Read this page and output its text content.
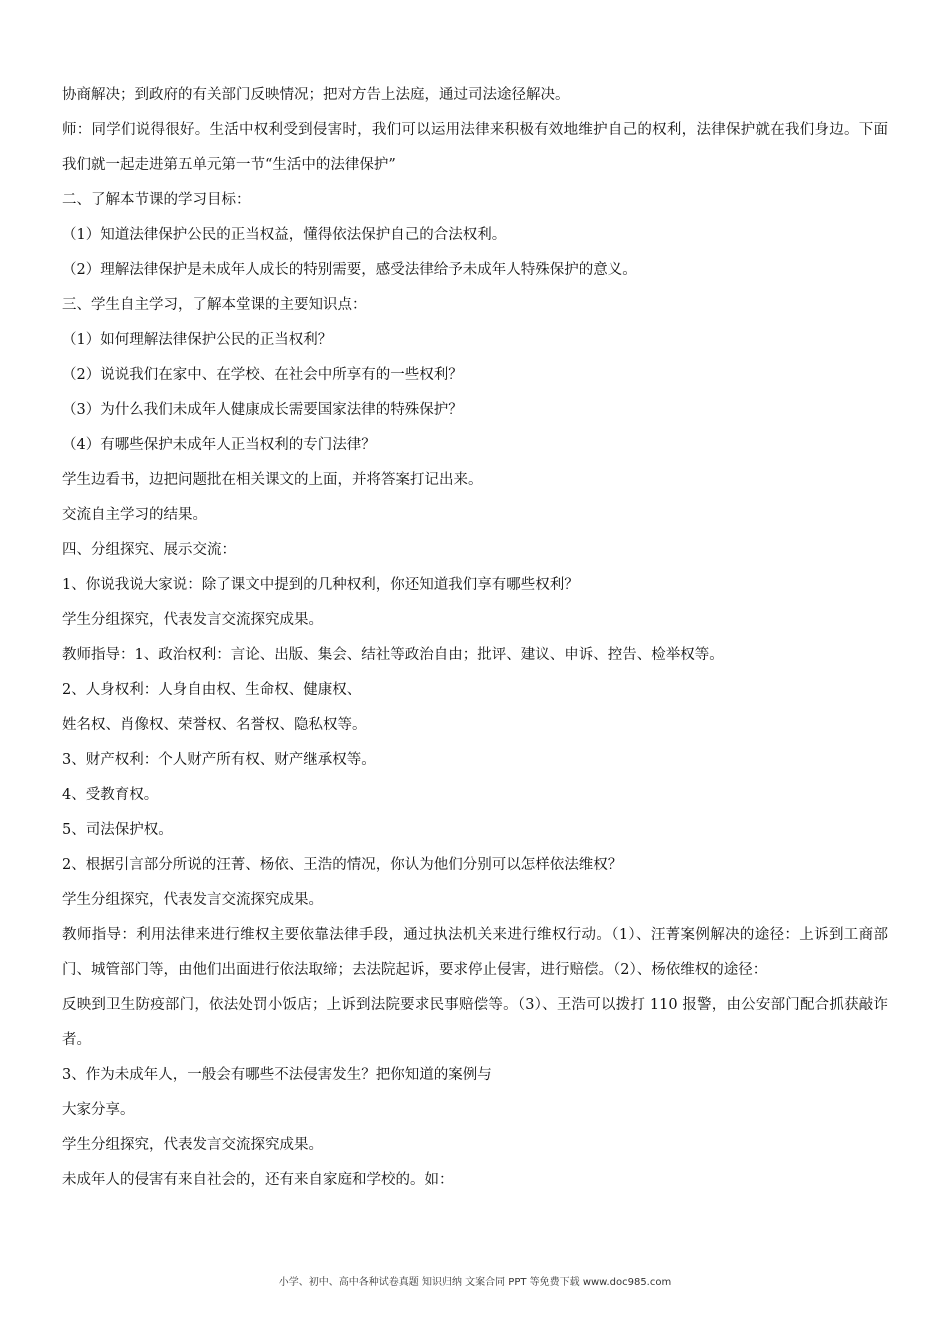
协商解决；到政府的有关部门反映情况；把对方告上法庭，通过司法途径解决。

师：同学们说得很好。生活中权利受到侵害时，我们可以运用法律来积极有效地维护自己的权利，法律保护就在我们身边。下面我们就一起走进第五单元第一节“生活中的法律保护”

二、了解本节课的学习目标：

（1）知道法律保护公民的正当权益，懂得依法保护自己的合法权利。

（2）理解法律保护是未成年人成长的特别需要，感受法律给予未成年人特殊保护的意义。

三、学生自主学习，了解本堂课的主要知识点：

（1）如何理解法律保护公民的正当权利？

（2）说说我们在家中、在学校、在社会中所享有的一些权利？

（3）为什么我们未成年人健康成长需要国家法律的特殊保护？

（4）有哪些保护未成年人正当权利的专门法律？

学生边看书，边把问题批在相关课文的上面，并将答案打记出来。

交流自主学习的结果。

四、分组探究、展示交流：

1、你说我说大家说：除了课文中提到的几种权利，你还知道我们享有哪些权利？

学生分组探究，代表发言交流探究成果。

教师指导：1、政治权利：言论、出版、集会、结社等政治自由；批评、建议、申诉、控告、检举权等。

2、人身权利：人身自由权、生命权、健康权、

姓名权、肖像权、荣誉权、名誉权、隐私权等。

3、财产权利：个人财产所有权、财产继承权等。

4、受教育权。

5、司法保护权。

2、根据引言部分所说的汪菁、杨依、王浩的情况，你认为他们分别可以怎样依法维权？

学生分组探究，代表发言交流探究成果。

教师指导：利用法律来进行维权主要依靠法律手段，通过执法机关来进行维权行动。（1）、汪菁案例解决的途径：上诉到工商部门、城管部门等，由他们出面进行依法取缔；去法院起诉，要求停止侵害，进行赔偿。（2）、杨依维权的途径：

反映到卫生防疫部门，依法处罚小饭店；上诉到法院要求民事赔偿等。（3）、王浩可以拨打 110 报警，由公安部门配合抓获敲诈者。

3、作为未成年人，一般会有哪些不法侵害发生？把你知道的案例与

大家分享。

学生分组探究，代表发言交流探究成果。

未成年人的侵害有来自社会的，还有来自家庭和学校的。如：

小学、初中、高中各种试卷真题 知识归纳 文案合同 PPT 等免费下载 www.doc985.com
